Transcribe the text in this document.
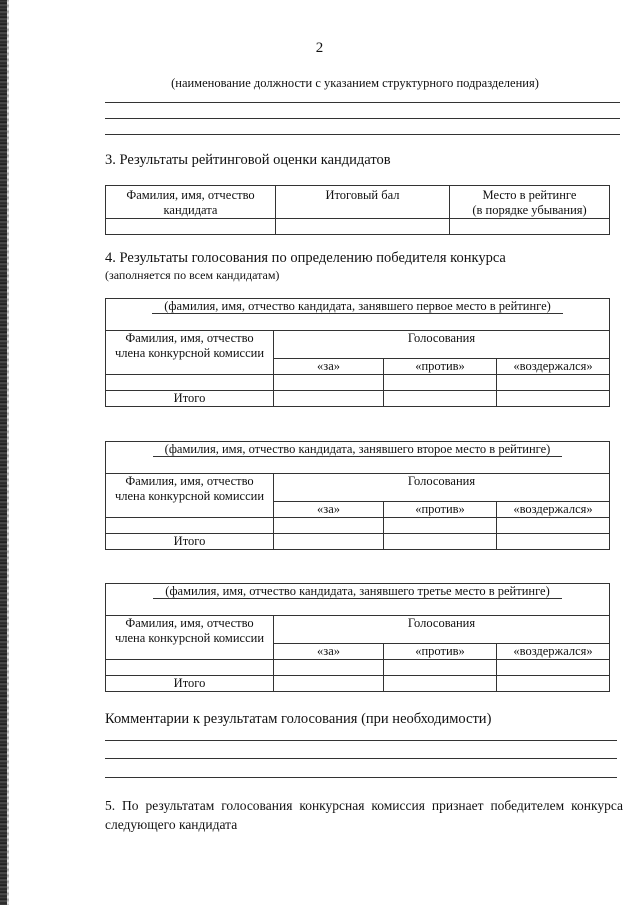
2
(наименование должности с указанием структурного подразделения)
3. Результаты рейтинговой оценки кандидатов
Фамилия, имя, отчество кандидата	Итоговый бал	Место в рейтинге
(в порядке убывания)

4. Результаты голосования по определению победителя конкурса
(заполняется по всем кандидатам)
(фамилия, имя, отчество кандидата, занявшего первое место в рейтинге)			
Фамилия, имя, отчество члена конкурсной комиссии	Голосования		
	«за»	«против»	«воздержался»

Итого			
(фамилия, имя, отчество кандидата, занявшего второе место в рейтинге)			
Фамилия, имя, отчество члена конкурсной комиссии	Голосования		
	«за»	«против»	«воздержался»

Итого			
(фамилия, имя, отчество кандидата, занявшего третье место в рейтинге)			
Фамилия, имя, отчество члена конкурсной комиссии	Голосования		
	«за»	«против»	«воздержался»

Итого			
Комментарии к результатам голосования (при необходимости)
5. По результатам голосования конкурсная комиссия признает победителем конкурса следующего кандидата
